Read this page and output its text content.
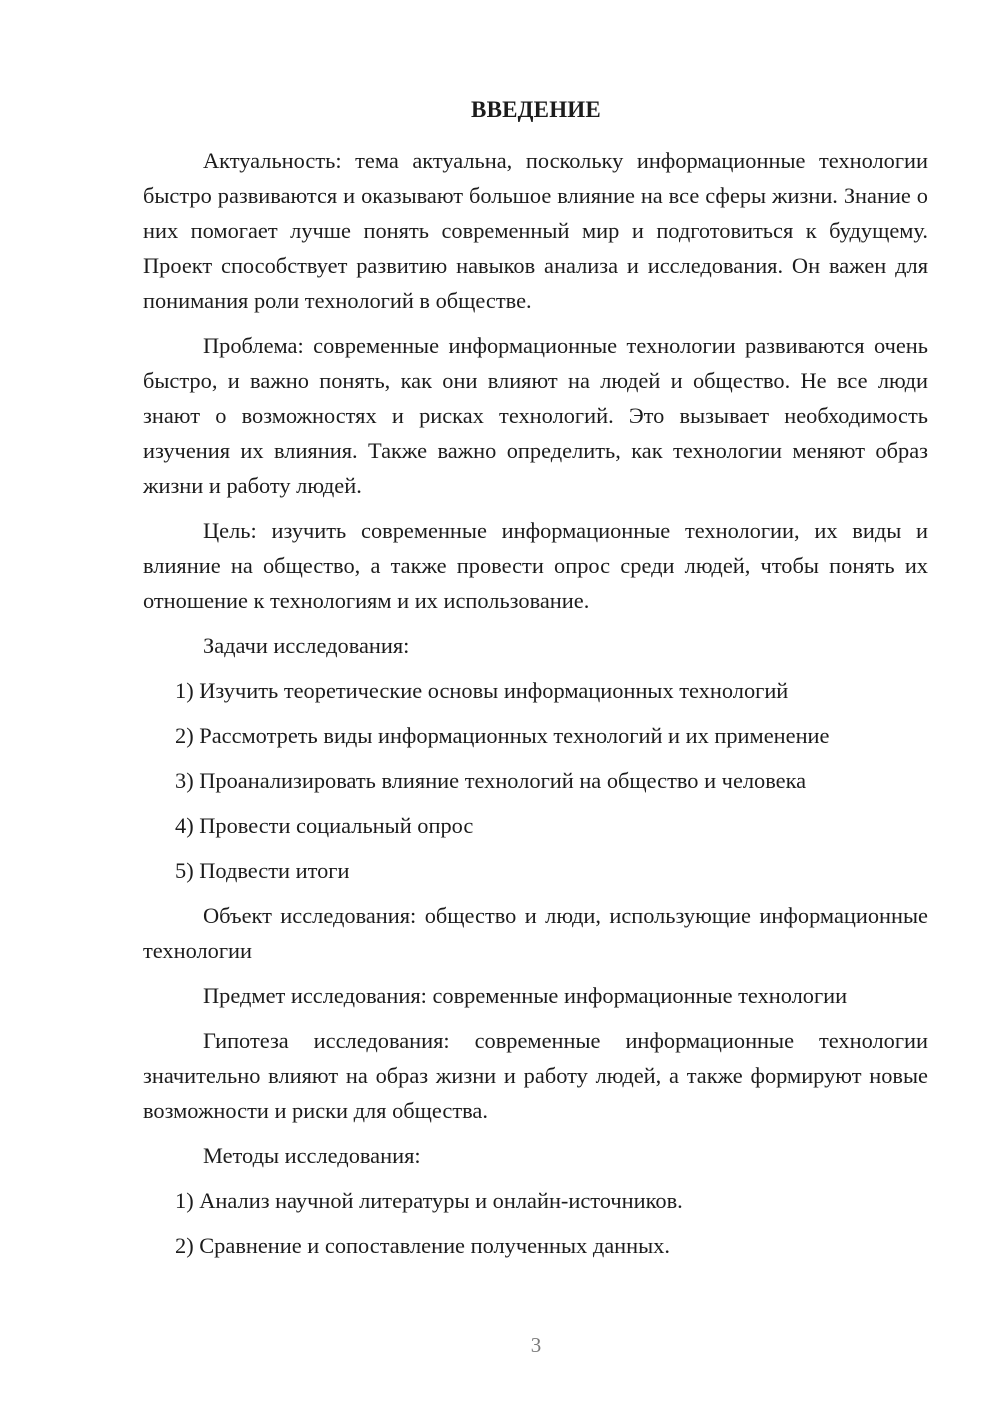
ВВЕДЕНИЕ

Актуальность: тема актуальна, поскольку информационные технологии быстро развиваются и оказывают большое влияние на все сферы жизни. Знание о них помогает лучше понять современный мир и подготовиться к будущему. Проект способствует развитию навыков анализа и исследования. Он важен для понимания роли технологий в обществе.

Проблема: современные информационные технологии развиваются очень быстро, и важно понять, как они влияют на людей и общество. Не все люди знают о возможностях и рисках технологий. Это вызывает необходимость изучения их влияния. Также важно определить, как технологии меняют образ жизни и работу людей.

Цель: изучить современные информационные технологии, их виды и влияние на общество, а также провести опрос среди людей, чтобы понять их отношение к технологиям и их использование.

Задачи исследования:

1) Изучить теоретические основы информационных технологий

2) Рассмотреть виды информационных технологий и их применение

3) Проанализировать влияние технологий на общество и человека

4) Провести социальный опрос

5) Подвести итоги

Объект исследования: общество и люди, использующие информационные технологии

Предмет исследования: современные информационные технологии

Гипотеза исследования: современные информационные технологии значительно влияют на образ жизни и работу людей, а также формируют новые возможности и риски для общества.

Методы исследования:

1) Анализ научной литературы и онлайн-источников.

2) Сравнение и сопоставление полученных данных.

3
